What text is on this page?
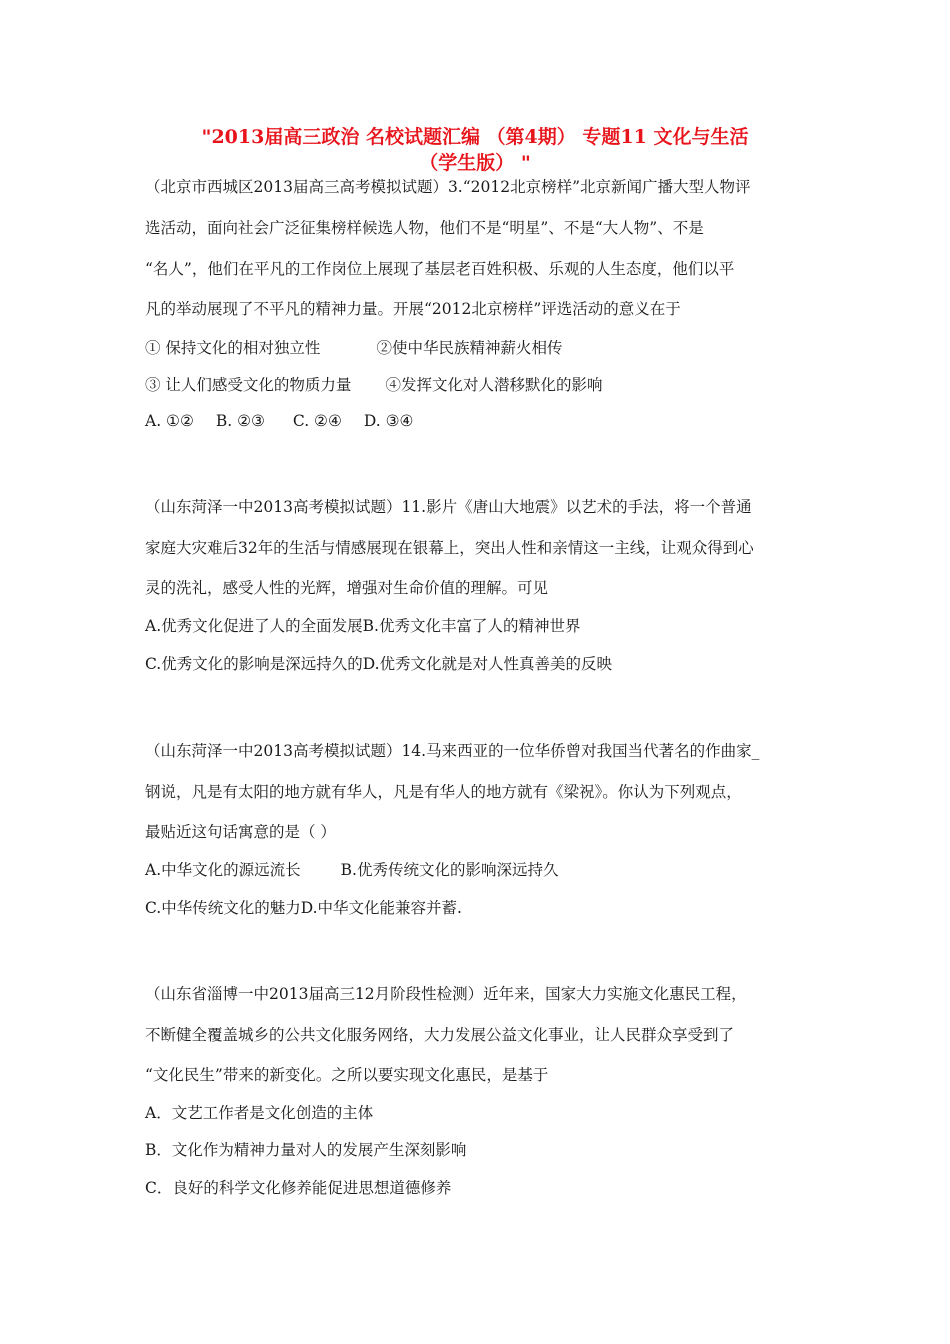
"2013届高三政治 名校试题汇编 （第4期） 专题11 文化与生活
（学生版） "
（北京市西城区2013届高三高考模拟试题）3.“2012北京榜样”北京新闻广播大型人物评
选活动，面向社会广泛征集榜样候选人物，他们不是“明星”、不是“大人物”、不是
“名人”，他们在平凡的工作岗位上展现了基层老百姓积极、乐观的人生态度，他们以平
凡的举动展现了不平凡的精神力量。开展“2012北京榜样”评选活动的意义在于
① 保持文化的相对独立性	②使中华民族精神薪火相传
③ 让人们感受文化的物质力量 ④发挥文化对人潜移默化的影响
A. ①② B. ②③ C. ②④ D. ③④
（山东菏泽一中2013高考模拟试题）11.影片《唐山大地震》以艺术的手法，将一个普通
家庭大灾难后32年的生活与情感展现在银幕上，突出人性和亲情这一主线，让观众得到心
灵的洗礼，感受人性的光辉，增强对生命价值的理解。可见
A.优秀文化促进了人的全面发展B.优秀文化丰富了人的精神世界
C.优秀文化的影响是深远持久的D.优秀文化就是对人性真善美的反映
（山东菏泽一中2013高考模拟试题）14.马来西亚的一位华侨曾对我国当代著名的作曲家_
钢说，凡是有太阳的地方就有华人，凡是有华人的地方就有《梁祝》。你认为下列观点，
最贴近这句话寓意的是（ ）
A.中华文化的源远流长	B.优秀传统文化的影响深远持久
C.中华传统文化的魅力D.中华文化能兼容并蓄.
（山东省淄博一中2013届高三12月阶段性检测）近年来，国家大力实施文化惠民工程，
不断健全覆盖城乡的公共文化服务网络，大力发展公益文化事业，让人民群众享受到了
“文化民生”带来的新变化。之所以要实现文化惠民，是基于
A．文艺工作者是文化创造的主体
B．文化作为精神力量对人的发展产生深刻影响
C．良好的科学文化修养能促进思想道德修养
